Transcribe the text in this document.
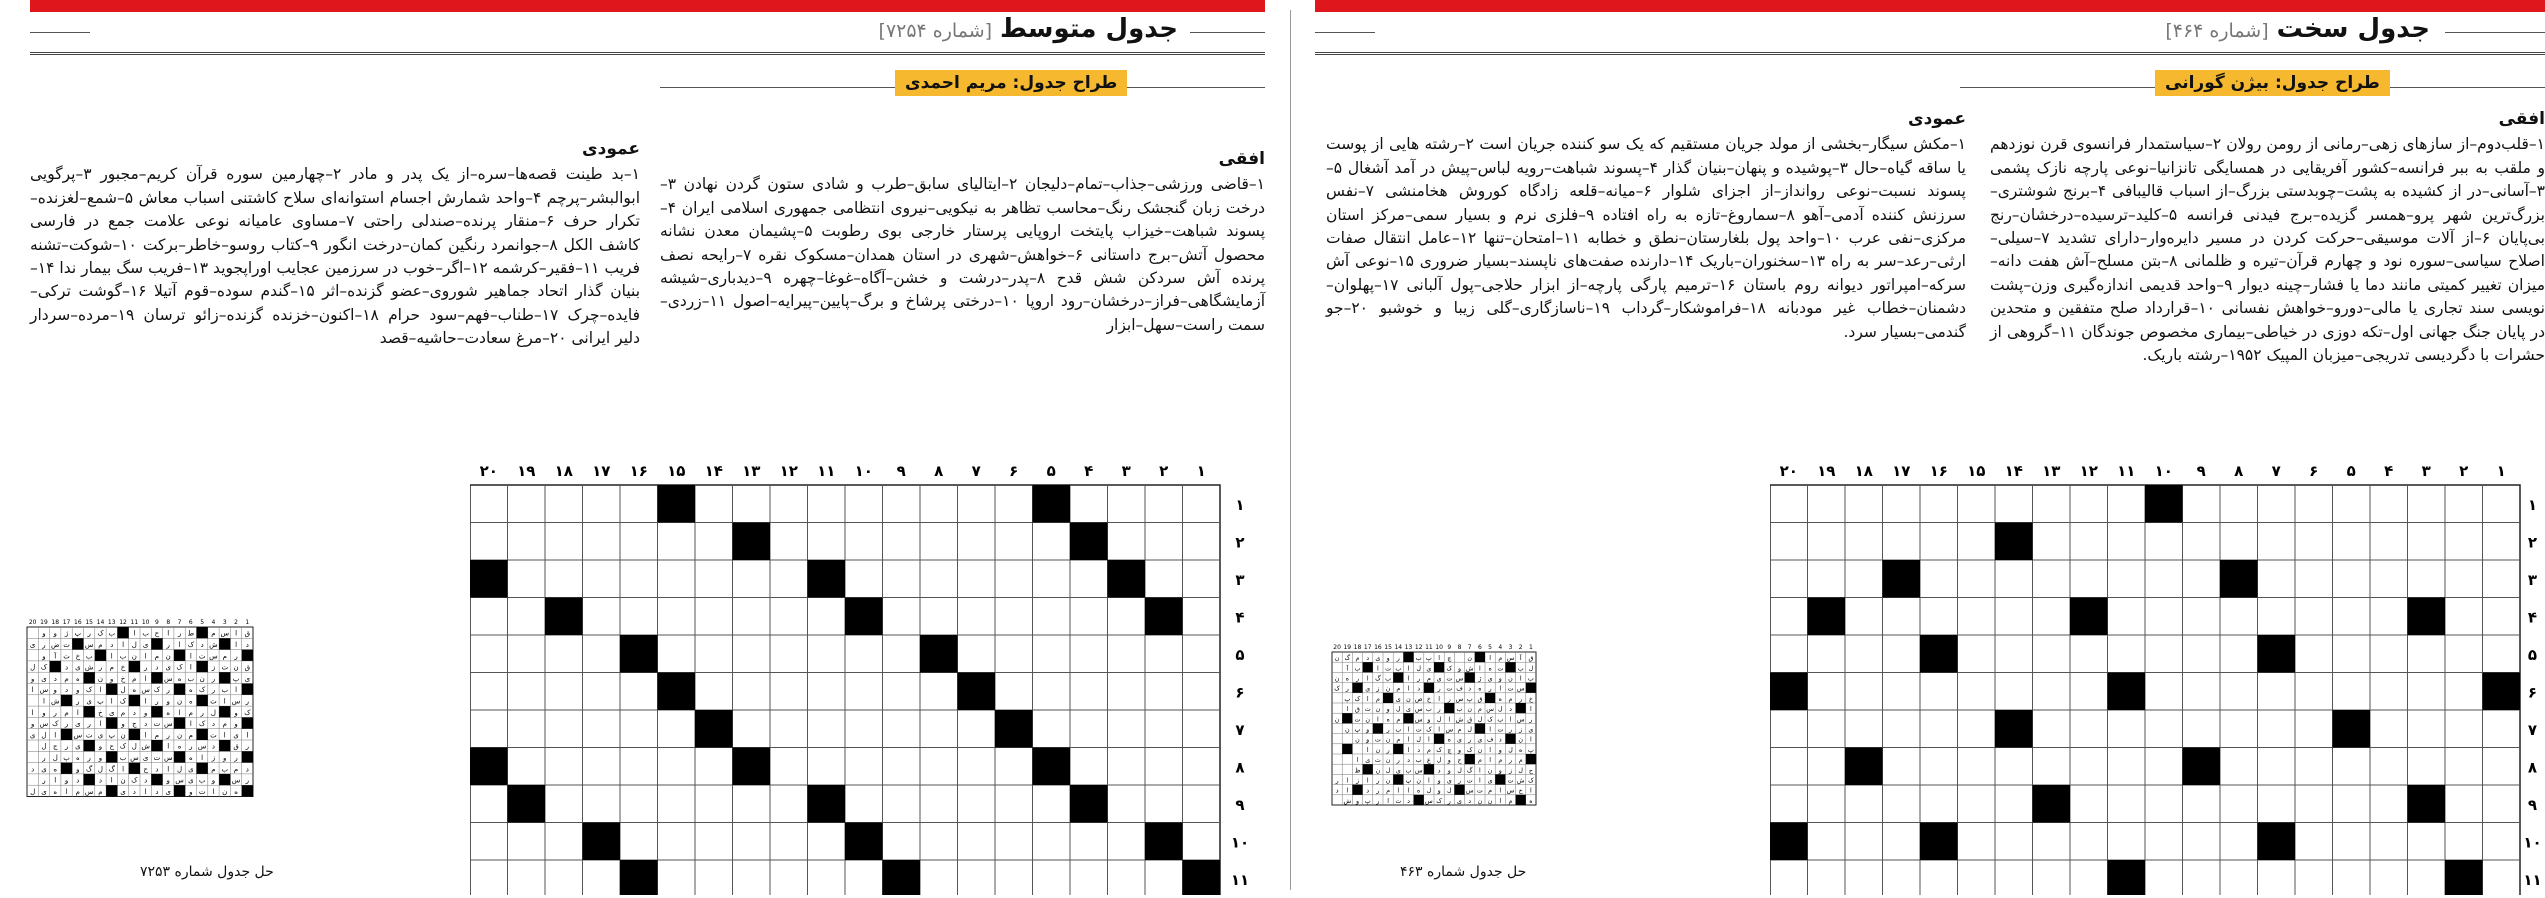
جدول سخت[شماره ۴۶۴]
طراح جدول: بیژن گورانی
افقی

۱–قلب‌دوم–از سازهای زهی–رمانی از رومن رولان ۲–سیاستمدار فرانسوی قرن نوزدهم و ملقب به ببر فرانسه–کشور آفریقایی در همسایگی تانزانیا–نوعی پارچه نازک پشمی ۳–آسانی–در از کشیده به پشت–چوبدستی بزرگ–از اسباب قالیبافی ۴–برنج شوشتری–بزرگ‌ترین شهر پرو–همسر گزیده–برج فیدنی فرانسه ۵–کلید–ترسیده–درخشان–رنج بی‌پایان ۶–از آلات موسیقی–حرکت کردن در مسیر دایره‌وار–دارای تشدید ۷–سیلی–اصلاح سیاسی–سوره نود و چهارم قرآن–تیره و ظلمانی ۸–بتن مسلح–آش هفت دانه–میزان تغییر کمیتی مانند دما یا فشار–چینه دیوار ۹–واحد قدیمی اندازه‌گیری وزن–پشت نویسی سند تجاری یا مالی–دورو–خواهش نفسانی ۱۰–قرارداد صلح متفقین و متحدین در پایان جنگ جهانی اول–تکه دوزی در خیاطی–بیماری مخصوص جوندگان ۱۱–گروهی از حشرات با دگردیسی تدریجی–میزبان المپیک ۱۹۵۲–رشته باریک.

عمودی

۱–مکش سیگار–بخشی از مولد جریان مستقیم که یک سو کننده جریان است ۲–رشته هایی از پوست یا ساقه گیاه–حال ۳–پوشیده و پنهان–بنیان گذار ۴–پسوند شباهت–رویه لباس–پیش در آمد آشغال ۵–پسوند نسبت–نوعی روانداز–از اجزای شلوار ۶–میانه–قلعه زادگاه کوروش هخامنشی ۷–نفس سرزنش کننده آدمی–آهو ۸–سماروغ–تازه به راه افتاده ۹–فلزی نرم و بسیار سمی–مرکز استان مرکزی–نفی عرب ۱۰–واحد پول بلغارستان–نطق و خطابه ۱۱–امتحان–تنها ۱۲–عامل انتقال صفات ارثی–رعد–سر به راه ۱۳–سخنوران–باریک ۱۴–دارنده صفت‌های ناپسند–بسیار ضروری ۱۵–نوعی آش سرکه–امپراتور دیوانه روم باستان ۱۶–ترمیم پارگی پارچه–از ابزار حلاجی–پول آلبانی ۱۷–پهلوان–دشمنان–خطاب غیر مودبانه ۱۸–فراموشکار–گرداب ۱۹–ناسازگاری–گلی زیبا و خوشبو ۲۰–جو گندمی–بسیار سرد.

۱
۲
۳
۴
۵
۶
۷
۸
۹
۱۰
۱۱
۱۲
۱۳
۱۴
۱۵
۱۶
۱۷
۱۸
۱۹
۲۰
۱
۲
۳
۴
۵
۶
۷
۸
۹
۱۰
۱۱
ق
آ
س
م
ا
ن
چ
ا
پ
ب
ر
و
ی
د
م
گ
ن
ل
ب
ت
ه
ا
ش
و
ک
ی
ل
ا
ب
ت
ا
ب
آ
ب
ا
ن
و
ی
ژ
س
ت
ی
م
ر
ا
ب
گ
ا
ر
ه
ن
س
ت
ا
ر
ه
د
ف
ت
ر
د
ا
م
ن
ز
ی
ر
ک
خ
ر
م
ه
ق
پ
س
ر
ا
خ
ص
ن
ی
م
ا
ک
پ
ا
د
ل
س
م
ن
ب
ر
ب
س
ی
ل
و
ن
ت
ق
ا
ر
س
ا
ب
ک
ل
ق
ش
ا
ل
و
س
م
ه
ا
ن
ت
ن
ی
ز
ر
ت
ا
ل
م
س
ا
ک
ت
ا
ب
ر
و
پ
ن
ا
ن
د
ف
ی
ر
ی
ه
ا
ل
ا
م
ن
ت
و
ن
پ
ه
ل
و
ا
ن
ک
و
چ
ک
م
د
ا
ر
ن
ا
م
ر
م
ا
م
ح
و
ل
ع
ب
د
ر
ن
ت
ی
ا
ح
ل
ز
و
ن
ا
گ
ل
و
د
س
ب
ی
ل
ن
ظ
ک
ش
ت
ی
ا
ت
ر
ی
و
ا
ن
پ
ن
ر
ا
ز
ا
ر
ا
خ
س
ا
م
ت
س
ل
و
ل
ه
ا
ا
م
ر
د
ا
د
ه
م
ا
ن
ن
د
ی
ر
ک
س
د
ت
ا
ر
پ
و
ش
1
2
3
4
5
6
7
8
9
10
11
12
13
14
15
16
17
18
19
20
حل جدول شماره ۴۶۳
جدول متوسط[شماره ۷۲۵۴]
طراح جدول: مریم احمدی
افقی

۱–قاضی ورزشی–جذاب–تمام–دلیجان ۲–ایتالیای سابق–طرب و شادی ستون گردن نهادن ۳–درخت زبان گنجشک رنگ–محاسب تظاهر به نیکویی–نیروی انتظامی جمهوری اسلامی ایران ۴–پسوند شباهت–خیزاب پایتخت اروپایی پرستار خارجی بوی رطوبت ۵–پشیمان معدن نشانه محصول آتش–برج داستانی ۶–خواهش–شهری در استان همدان–مسکوک نقره ۷–رایحه نصف پرنده آش سردکن شش قدح ۸–پدر–درشت و خشن–آگاه–غوغا–چهره ۹–دیدباری–شیشه آزمایشگاهی–فراز–درخشان–رود اروپا ۱۰–درختی پرشاخ و برگ–پایین–پیرایه–اصول ۱۱–زردی–سمت راست–سهل–ابزار

عمودی

۱–بد طینت قصه‌ها–سره–از یک پدر و مادر ۲–چهارمین سوره قرآن کریم–مجبور ۳–پرگویی ابوالبشر–پرچم ۴–واحد شمارش اجسام استوانه‌ای سلاح کاشتنی اسباب معاش ۵–شمع–لغزنده–تکرار حرف ۶–منقار پرنده–صندلی راحتی ۷–مساوی عامیانه نوعی علامت جمع در فارسی کاشف الکل ۸–جوانمرد رنگین کمان–درخت انگور ۹–کتاب روسو–خاطر–برکت ۱۰–شوکت–تشنه فریب ۱۱–فقیر–کرشمه ۱۲–اگر–خوب در سرزمین عجایب اوراپجوید ۱۳–فریب سگ بیمار ندا ۱۴–بنیان گذار اتحاد جماهیر شوروی–عضو گزنده–اثر ۱۵–گندم سوده–قوم آتیلا ۱۶–گوشت ترکی–فایده–چرک ۱۷–طناب–فهم–سود حرام ۱۸–اکنون–خزنده گزنده–زائو ترسان ۱۹–مرده–سردار دلیر ایرانی ۲۰–مرغ سعادت–حاشیه–قصد

۱
۲
۳
۴
۵
۶
۷
۸
۹
۱۰
۱۱
۱۲
۱۳
۱۴
۱۵
۱۶
۱۷
۱۸
۱۹
۲۰
۱
۲
۳
۴
۵
۶
۷
۸
۹
۱۰
۱۱
ق
ا
س
م
ط
ر
ا
ح
ب
ا
ب
ک
ر
پ
ژ
و
و
د
ا
ش
د
ک
ا
ر
ی
ل
ا
د
م
س
ت
ض
ر
ی
ر
م
س
ت
ا
ن
م
ا
ن
ب
ا
ب
خ
ت
آ
و
ق
ن
ت
ز
ا
ک
ی
د
ر
خ
م
ر
ش
ی
د
ک
ل
ی
پ
ر
ن
ب
ه
س
ا
م
خ
و
ن
ه
م
د
ی
و
ا
ب
ر
ک
ه
ر
ک
س
ه
ل
ا
ک
و
د
و
س
ا
ر
س
ا
ت
ه
ن
و
ر
ا
ک
ا
پ
ی
ر
ش
ا
ک
و
ل
ر
م
ا
ه
و
د
م
ی
خ
ا
م
ر
و
ا
و
م
د
ک
ا
س
ت
د
ج
و
ا
ر
ی
ر
ک
س
و
ا
ی
ا
ت
م
ن
ر
م
ا
ن
پ
ی
ت
س
ا
ل
ی
ر
ق
د
س
ر
ه
ا
ش
ل
ک
ح
و
ی
ر
ج
ل
ر
و
ز
ا
ه
س
ت
ی
س
ب
و
ر
ه
پ
ل
ر
د
م
ب
م
ی
ل
ا
د
ح
ا
گ
ل
گ
و
ه
ی
د
ر
س
و
ب
ی
س
و
د
ک
ن
ا
د
د
و
ا
ر
ه
ن
ا
ت
و
ی
د
ا
د
ی
م
س
م
ا
ه
ی
ل
1
2
3
4
5
6
7
8
9
10
11
12
13
14
15
16
17
18
19
20
حل جدول شماره ۷۲۵۳
